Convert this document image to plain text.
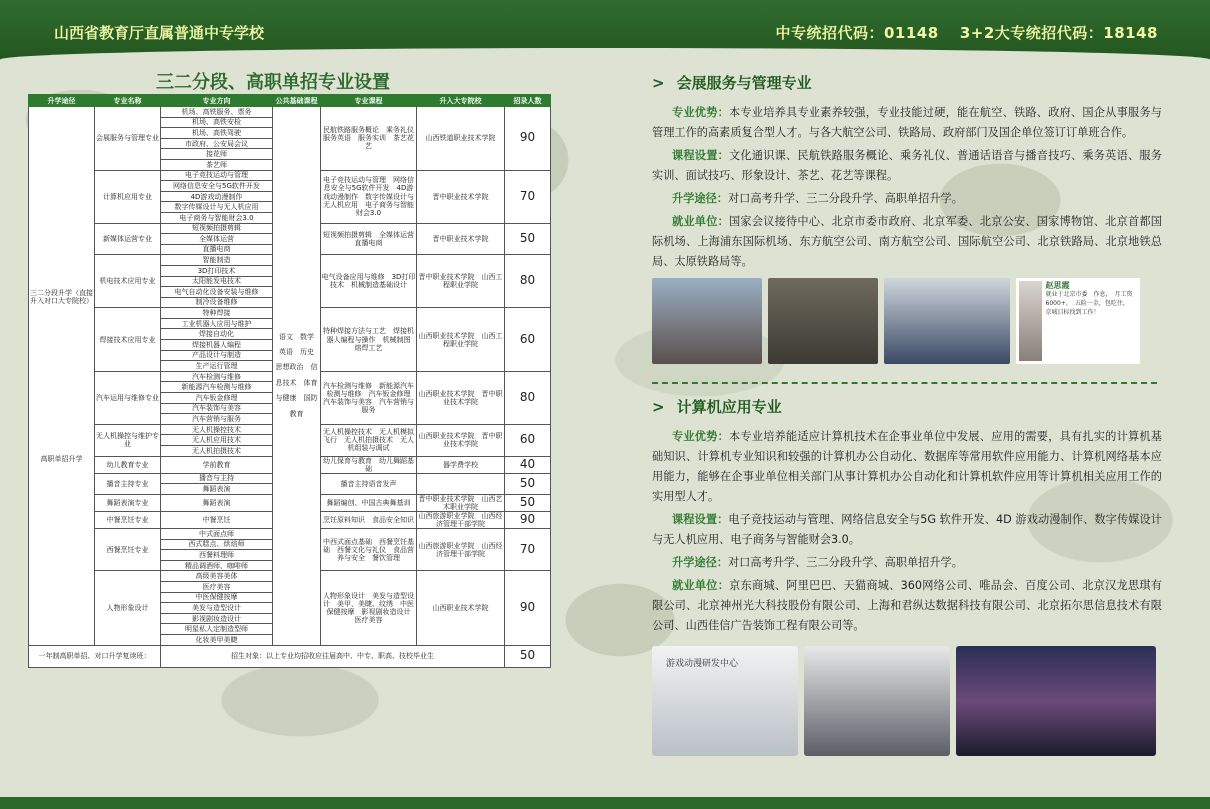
山西省教育厅直属普通中专学校	中专统招代码：01148　 3+2大专统招代码：18148
三二分段、高职单招专业设置
升学途径	专业名称	专业方向	公共基础课程	专业课程	升入大专院校	招录人数

三二分段升学（直接升入对口大专院校）
高职单招升学	会展服务与管理专业	机场、高铁服务、票务	语文　数学　英语　历史　思想政治　信息技术　体育与健康　国防教育	民航铁路服务概论　乘务礼仪　服务英语　服务实训　茶艺花艺	山西铁道职业技术学院	90
		机场、高铁安检				
		机场、高铁驾驶				
		市政府、公安局会议				
		接花师				
		茶艺师				
	计算机应用专业	电子竞技运动与管理		电子竞技运动与管理　网络信息安全与5G软件开发　4D游戏动漫制作　数字传媒设计与无人机应用　电子商务与智能财会3.0	晋中职业技术学院	70
		网络信息安全与5G软件开发				
		4D游戏动漫制作				
		数字传媒设计与无人机应用				
		电子商务与智能财会3.0				
	新媒体运营专业	短视频拍摄剪辑		短视频拍摄剪辑　全媒体运营　直播电商	晋中职业技术学院	50
		全媒体运营				
		直播电商				
	机电技术应用专业	智能制造		电气设备应用与维修　3D打印技术　机械制造基础设计	晋中职业技术学院　山西工程职业学院	80
		3D打印技术				
		太阳能发电技术				
		电气自动化设备安装与维修				
		制冷设备维修				
	焊接技术应用专业	特种焊接		特种焊接方法与工艺　焊接机器人编程与操作　机械制图　熔焊工艺	山西职业技术学院　山西工程职业学院	60
		工业机器人应用与维护				
		焊接自动化				
		焊接机器人编程				
		产品设计与制造				
		生产运行管理				
	汽车运用与维修专业	汽车检测与维修		汽车检测与维修　新能源汽车检测与维修　汽车钣金修理　汽车装饰与美容　汽车营销与服务	山西职业技术学院　晋中职业技术学院	80
		新能源汽车检测与维修				
		汽车钣金修理				
		汽车装饰与美容				
		汽车营销与服务				
	无人机操控与维护专业	无人机操控技术		无人机操控技术　无人机模拟飞行　无人机拍摄技术　无人机组装与调试	山西职业技术学院　晋中职业技术学院	60
		无人机应用技术				
		无人机拍摄技术				
	幼儿教育专业	学前教育		幼儿保育与教育　幼儿舞蹈基础	器学费学校	40
	播音主持专业	播音与主持		播音主持语音发声		50
		舞蹈表演				
	舞蹈表演专业	舞蹈表演		舞蹈编创、中国古典舞基训	晋中职业技术学院　山西艺术职业学院	50
	中餐烹饪专业	中餐烹饪		烹饪原料知识　食品安全知识	山西旅游职业学院　山西经济管理干部学院	90
	西餐烹饪专业	中式面点师		中西式面点基础　西餐烹饪基础　西餐文化与礼仪　食品营养与安全　餐饮管理	山西旅游职业学院　山西经济管理干部学院	70
		西式糕点、烘焙师				
		西餐料理师				
		精品调酒师、咖啡师				
	人物形象设计	高级美容美体		人物形象设计　美发与造型设计　美甲、美睫、纹绣　中医保健按摩　影视剧妆造设计　医疗美容	山西职业技术学院	90
		医疗美容				
		中医保健按摩				
		美发与造型设计				
		影视剧妆造设计				
		明星私人定制造型师				
		化妆美甲美睫				
一年制高职单招、对口升学复读班：		招生对象：以上专业均招收应往届高中、中专、职高、技校毕业生				50
> 会展服务与管理专业
专业优势：本专业培养具专业素养较强，专业技能过硬，能在航空、铁路、政府、国企从事服务与管理工作的高素质复合型人才。与各大航空公司、铁路局、政府部门及国企单位签订订单班合作。
课程设置：文化通识课、民航铁路服务概论、乘务礼仪、普通话语音与播音技巧、乘务英语、服务实训、面试技巧、形象设计、茶艺、花艺等课程。
升学途径：对口高考升学、三二分段升学、高职单招升学。
就业单位：国家会议接待中心、北京市委市政府、北京军委、北京公安、国家博物馆、北京首都国际机场、上海浦东国际机场、东方航空公司、南方航空公司、国际航空公司、北京铁路局、北京地铁总局、太原铁路局等。
赵思霞
就业于北京市委　作息，　月工资6000+，　五险一金，包吃住，　京城目标找到工作！
> 计算机应用专业
专业优势：本专业培养能适应计算机技术在企事业单位中发展、应用的需要，具有扎实的计算机基础知识、计算机专业知识和较强的计算机办公自动化、数据库等常用软件应用能力、计算机网络基本应用能力，能够在企事业单位相关部门从事计算机办公自动化和计算机软件应用等计算机相关应用工作的实用型人才。
课程设置：电子竞技运动与管理、网络信息安全与5G 软件开发、4D 游戏动漫制作、数字传媒设计与无人机应用、电子商务与智能财会3.0。
升学途径：对口高考升学、三二分段升学、高职单招升学。
就业单位：京东商城、阿里巴巴、天猫商城、360网络公司、唯品会、百度公司、北京汉龙思琪有限公司、北京神州光大科技股份有限公司、上海和君纵达数据科技有限公司、北京拓尔思信息技术有限公司、山西佳信广告装饰工程有限公司等。
游戏动漫研发中心
